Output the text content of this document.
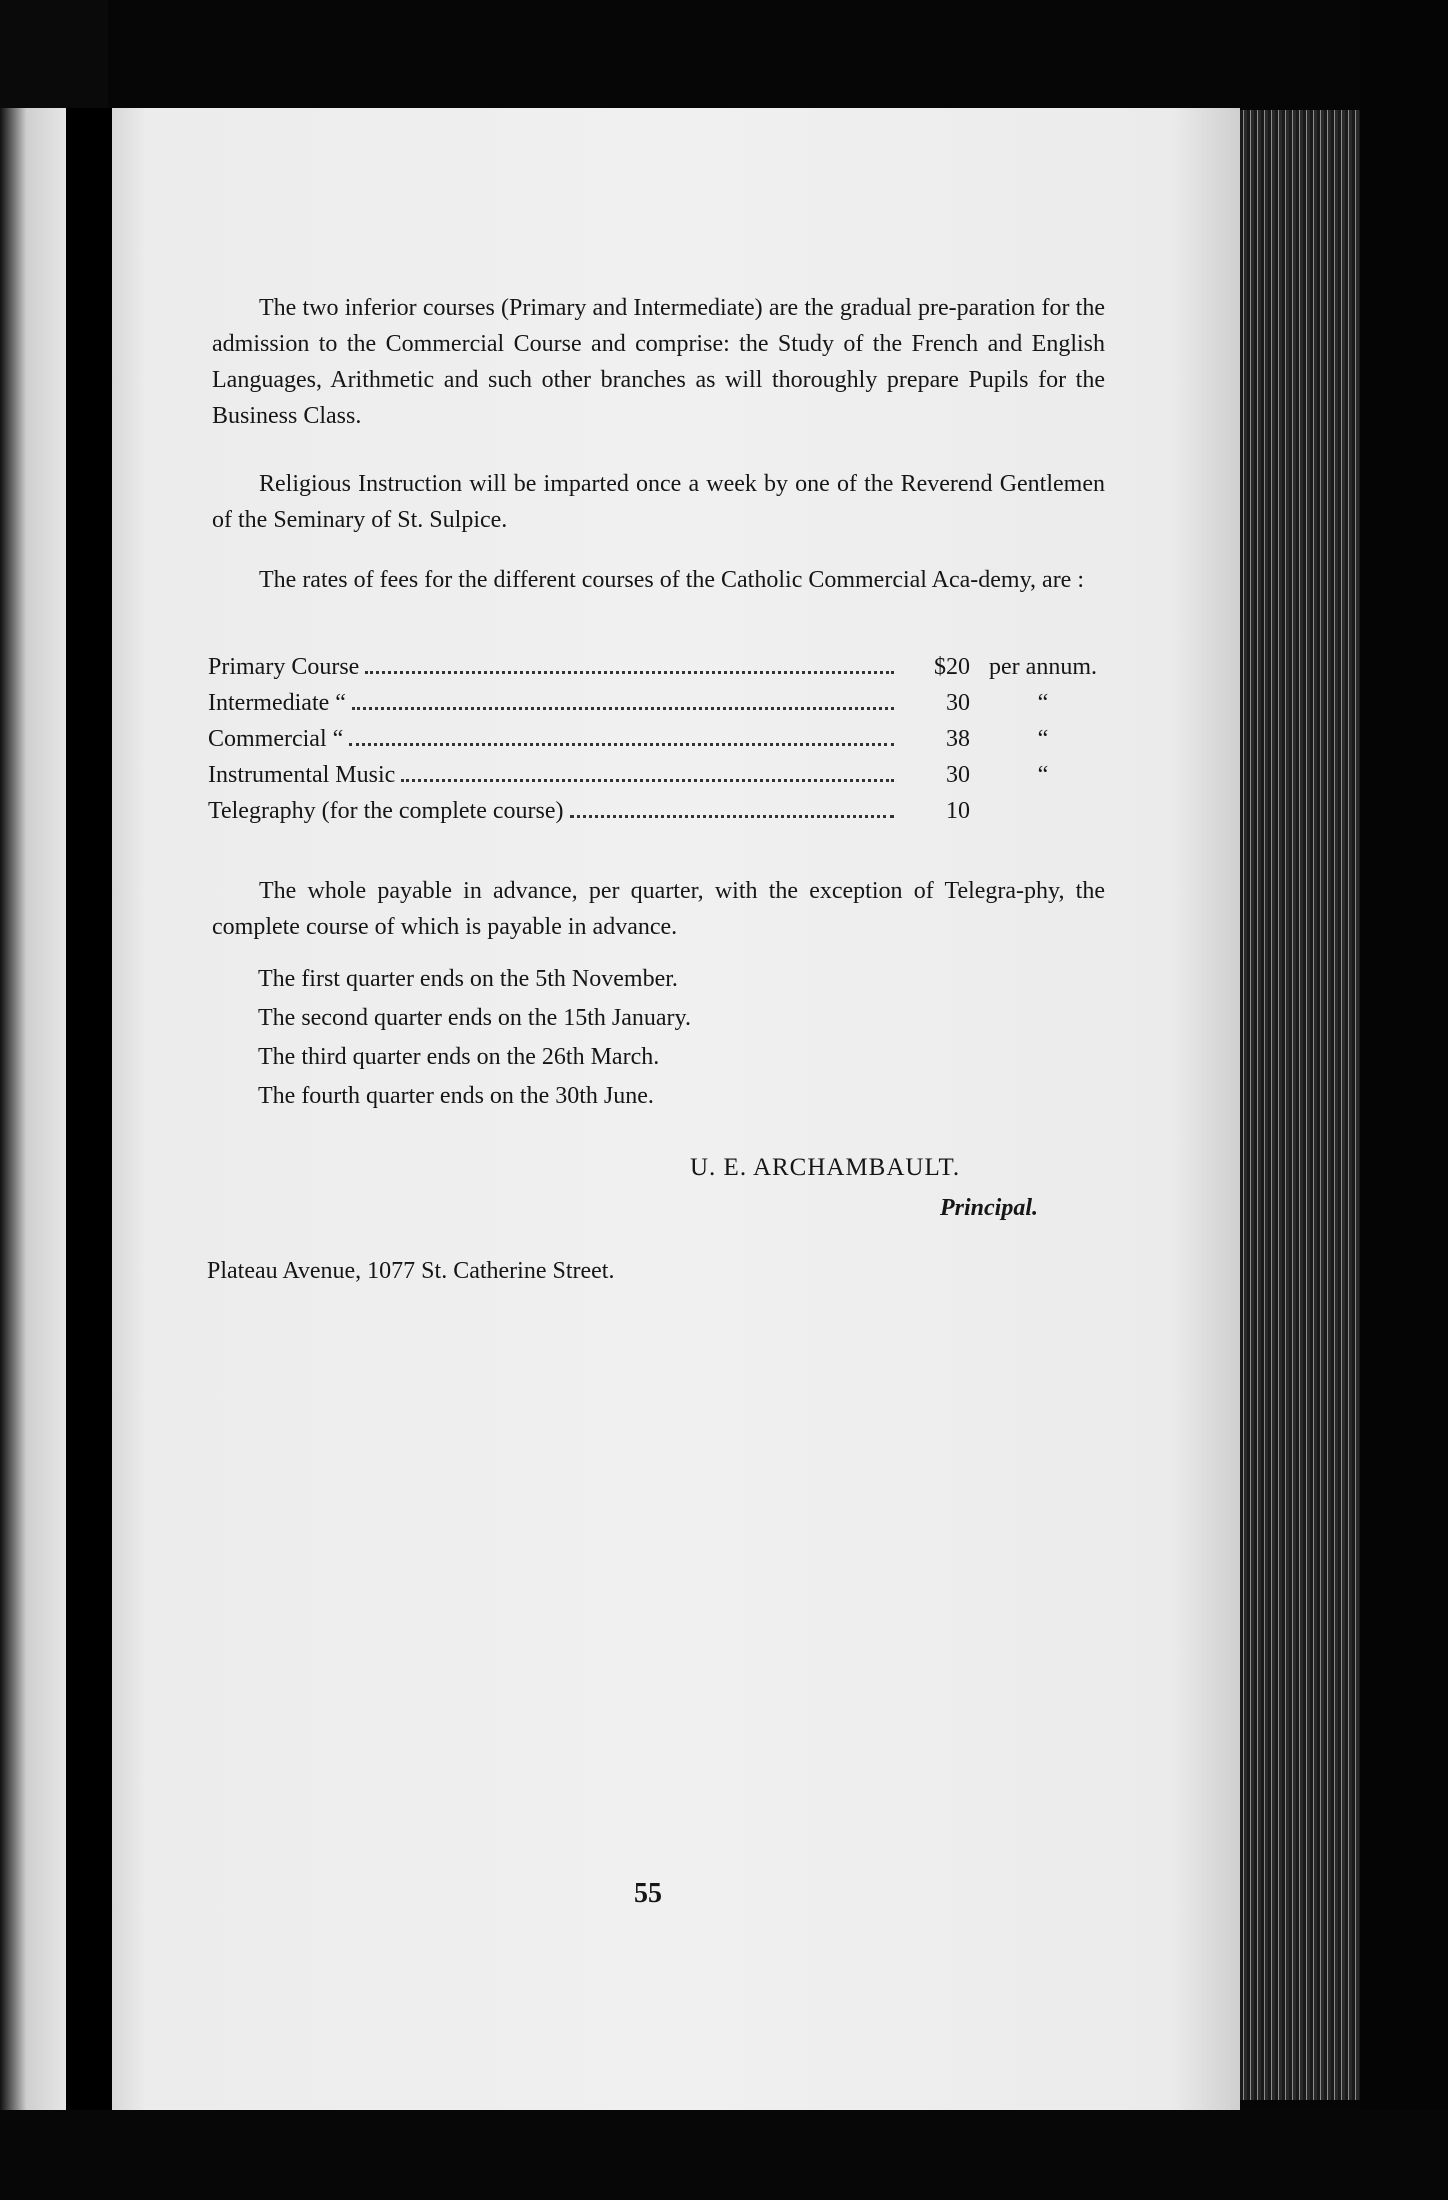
The two inferior courses (Primary and Intermediate) are the gradual pre-paration for the admission to the Commercial Course and comprise: the Study of the French and English Languages, Arithmetic and such other branches as will thoroughly prepare Pupils for the Business Class.

Religious Instruction will be imparted once a week by one of the Reverend Gentlemen of the Seminary of St. Sulpice.

The rates of fees for the different courses of the Catholic Commercial Aca-demy, are :

Primary Course	$20 per annum.
Intermediate “	30	“
Commercial “	38	“
Instrumental Music	30	“
Telegraphy (for the complete course)	10

The whole payable in advance, per quarter, with the exception of Telegra-phy, the complete course of which is payable in advance.

The first quarter ends on the 5th November.
The second quarter ends on the 15th January.
The third quarter ends on the 26th March.
The fourth quarter ends on the 30th June.
U. E. ARCHAMBAULT.
Principal.
Plateau Avenue, 1077 St. Catherine Street.
55
